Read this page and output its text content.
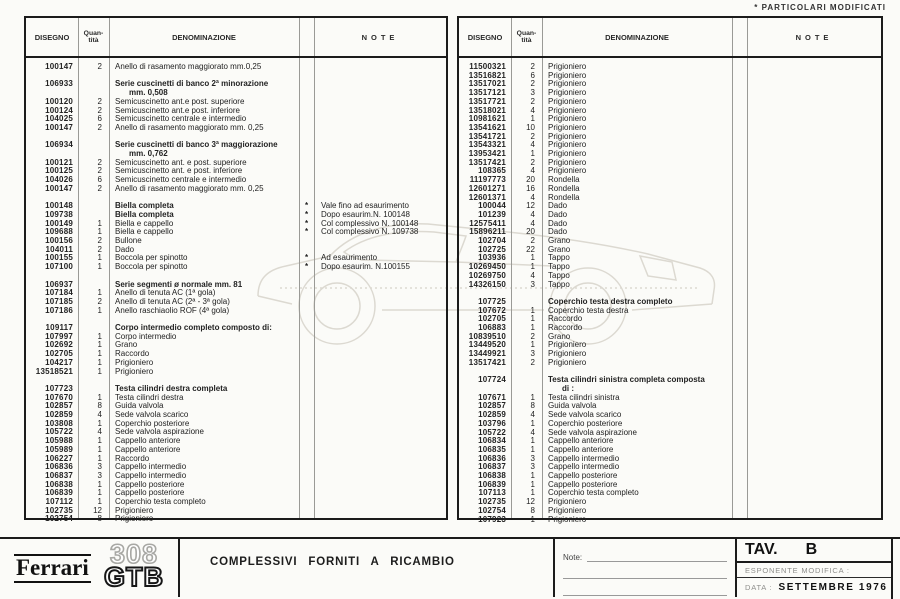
* PARTICOLARI MODIFICATI
DISEGNO	Quan-
tità	DENOMINAZIONE	NOTE
100147	2	Anello di rasamento maggiorato mm.0,25
106933	Serie cuscinetti di banco 2ª minorazione
mm. 0,508
100120	2	Semicuscinetto ant.e post. superiore
100124	2	Semicuscinetto ant.e post. inferiore
104025	6	Semicuscinetto centrale e intermedio
100147	2	Anello di rasamento maggiorato mm. 0,25
106934	Serie cuscinetti di banco 3ª maggiorazione
mm. 0,762
100121	2	Semicuscinetto ant. e post. superiore
100125	2	Semicuscinetto ant. e post. inferiore
104026	6	Semicuscinetto centrale e intermedio
100147	2	Anello di rasamento maggiorato mm. 0,25
100148	Biella completa	*	Vale fino ad esaurimento
109738	Biella completa	*	Dopo esaurim.N. 100148
100149	1	Biella e cappello	*	Col complessivo N. 100148
109688	1	Biella e cappello	*	Col complessivo N. 109738
100156	2	Bullone
104011	2	Dado
100155	1	Boccola per spinotto	*	Ad esaurimento
107100	1	Boccola per spinotto	*	Dopo esaurim. N.100155
106937	Serie segmenti ø normale mm. 81
107184	1	Anello di tenuta AC (1ª gola)
107185	2	Anello di tenuta AC (2ª - 3ª gola)
107186	1	Anello raschiaolio ROF (4ª gola)
109117	Corpo intermedio completo composto di:
107997	1	Corpo intermedio
102692	1	Grano
102705	1	Raccordo
104217	1	Prigioniero
13518521	1	Prigioniero
107723	Testa cilindri destra completa
107670	1	Testa cilindri destra
102857	8	Guida valvola
102859	4	Sede valvola scarico
103808	1	Coperchio posteriore
105722	4	Sede valvola aspirazione
105988	1	Cappello anteriore
105989	1	Cappello anteriore
106227	1	Raccordo
106836	3	Cappello intermedio
106837	3	Cappello intermedio
106838	1	Cappello posteriore
106839	1	Cappello posteriore
107112	1	Coperchio testa completo
102735	12	Prigioniero
102754	8	Prigioniero
DISEGNO	Quan-
tità	DENOMINAZIONE	NOTE
11500321	2	Prigioniero
13516821	6	Prigioniero
13517021	2	Prigioniero
13517121	3	Prigioniero
13517721	2	Prigioniero
13518021	4	Prigioniero
10981621	1	Prigioniero
13541621	10	Prigioniero
13541721	2	Prigioniero
13543321	4	Prigioniero
13953421	1	Prigioniero
13517421	2	Prigioniero
108365	4	Prigioniero
11197773	20	Rondella
12601271	16	Rondella
12601371	4	Rondella
100044	12	Dado
101239	4	Dado
12575411	4	Dado
15896211	20	Dado
102704	2	Grano
102725	22	Grano
103936	1	Tappo
10269450	1	Tappo
10269750	4	Tappo
14326150	3	Tappo
107725	Coperchio testa destra completo
107672	1	Coperchio testa destra
102705	1	Raccordo
106883	1	Raccordo
10839510	2	Grano
13449520	1	Prigioniero
13449921	3	Prigioniero
13517421	2	Prigioniero
107724	Testa cilindri sinistra completa composta
di :
107671	1	Testa cilindri sinistra
102857	8	Guida valvola
102859	4	Sede valvola scarico
103796	1	Coperchio posteriore
105722	4	Sede valvola aspirazione
106834	1	Cappello anteriore
106835	1	Cappello anteriore
106836	3	Cappello intermedio
106837	3	Cappello intermedio
106838	1	Cappello posteriore
106839	1	Cappello posteriore
107113	1	Coperchio testa completo
102735	12	Prigioniero
102754	8	Prigioniero
107923	1	Prigioniero
Ferrari 308
GTB	COMPLESSIVI FORNITI A RICAMBIO	Note:	TAV. B
ESPONENTE MODIFICA :
DATA : SETTEMBRE 1976
